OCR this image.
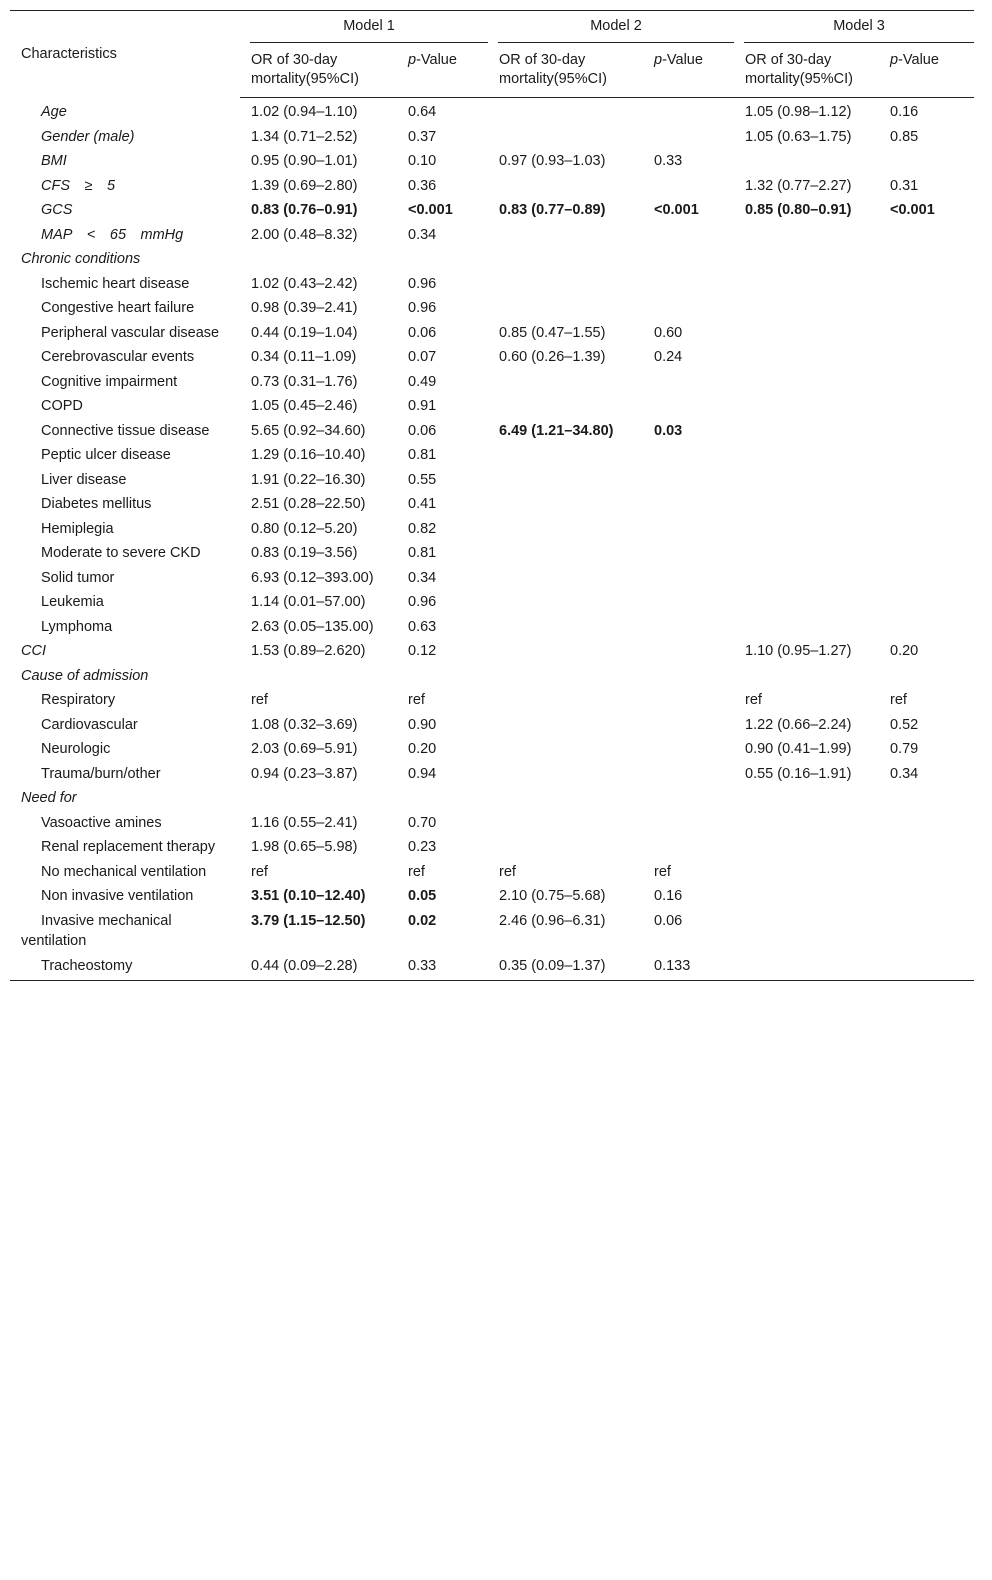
Characteristics	Model 1		Model 2		Model 3	

	OR of 30-day mortality(95%CI)	p-Value	OR of 30-day mortality(95%CI)	p-Value	OR of 30-day mortality(95%CI)	p-Value
Age	1.02 (0.94–1.10)	0.64			1.05 (0.98–1.12)	0.16
Gender (male)	1.34 (0.71–2.52)	0.37			1.05 (0.63–1.75)	0.85
BMI	0.95 (0.90–1.01)	0.10	0.97 (0.93–1.03)	0.33		
CFS ≥ 5	1.39 (0.69–2.80)	0.36			1.32 (0.77–2.27)	0.31
GCS	0.83 (0.76–0.91)	<0.001	0.83 (0.77–0.89)	<0.001	0.85 (0.80–0.91)	<0.001
MAP < 65 mmHg	2.00 (0.48–8.32)	0.34				
Chronic conditions						
Ischemic heart disease	1.02 (0.43–2.42)	0.96				
Congestive heart failure	0.98 (0.39–2.41)	0.96				
Peripheral vascular disease	0.44 (0.19–1.04)	0.06	0.85 (0.47–1.55)	0.60		
Cerebrovascular events	0.34 (0.11–1.09)	0.07	0.60 (0.26–1.39)	0.24		
Cognitive impairment	0.73 (0.31–1.76)	0.49				
COPD	1.05 (0.45–2.46)	0.91				
Connective tissue disease	5.65 (0.92–34.60)	0.06	6.49 (1.21–34.80)	0.03		
Peptic ulcer disease	1.29 (0.16–10.40)	0.81				
Liver disease	1.91 (0.22–16.30)	0.55				
Diabetes mellitus	2.51 (0.28–22.50)	0.41				
Hemiplegia	0.80 (0.12–5.20)	0.82				
Moderate to severe CKD	0.83 (0.19–3.56)	0.81				
Solid tumor	6.93 (0.12–393.00)	0.34				
Leukemia	1.14 (0.01–57.00)	0.96				
Lymphoma	2.63 (0.05–135.00)	0.63				
CCI	1.53 (0.89–2.620)	0.12			1.10 (0.95–1.27)	0.20
Cause of admission						
Respiratory	ref	ref			ref	ref
Cardiovascular	1.08 (0.32–3.69)	0.90			1.22 (0.66–2.24)	0.52
Neurologic	2.03 (0.69–5.91)	0.20			0.90 (0.41–1.99)	0.79
Trauma/burn/other	0.94 (0.23–3.87)	0.94			0.55 (0.16–1.91)	0.34
Need for						
Vasoactive amines	1.16 (0.55–2.41)	0.70				
Renal replacement therapy	1.98 (0.65–5.98)	0.23				
No mechanical ventilation	ref	ref	ref	ref		
Non invasive ventilation	3.51 (0.10–12.40)	0.05	2.10 (0.75–5.68)	0.16		
Invasive mechanical ventilation	3.79 (1.15–12.50)	0.02	2.46 (0.96–6.31)	0.06		
Tracheostomy	0.44 (0.09–2.28)	0.33	0.35 (0.09–1.37)	0.133		
